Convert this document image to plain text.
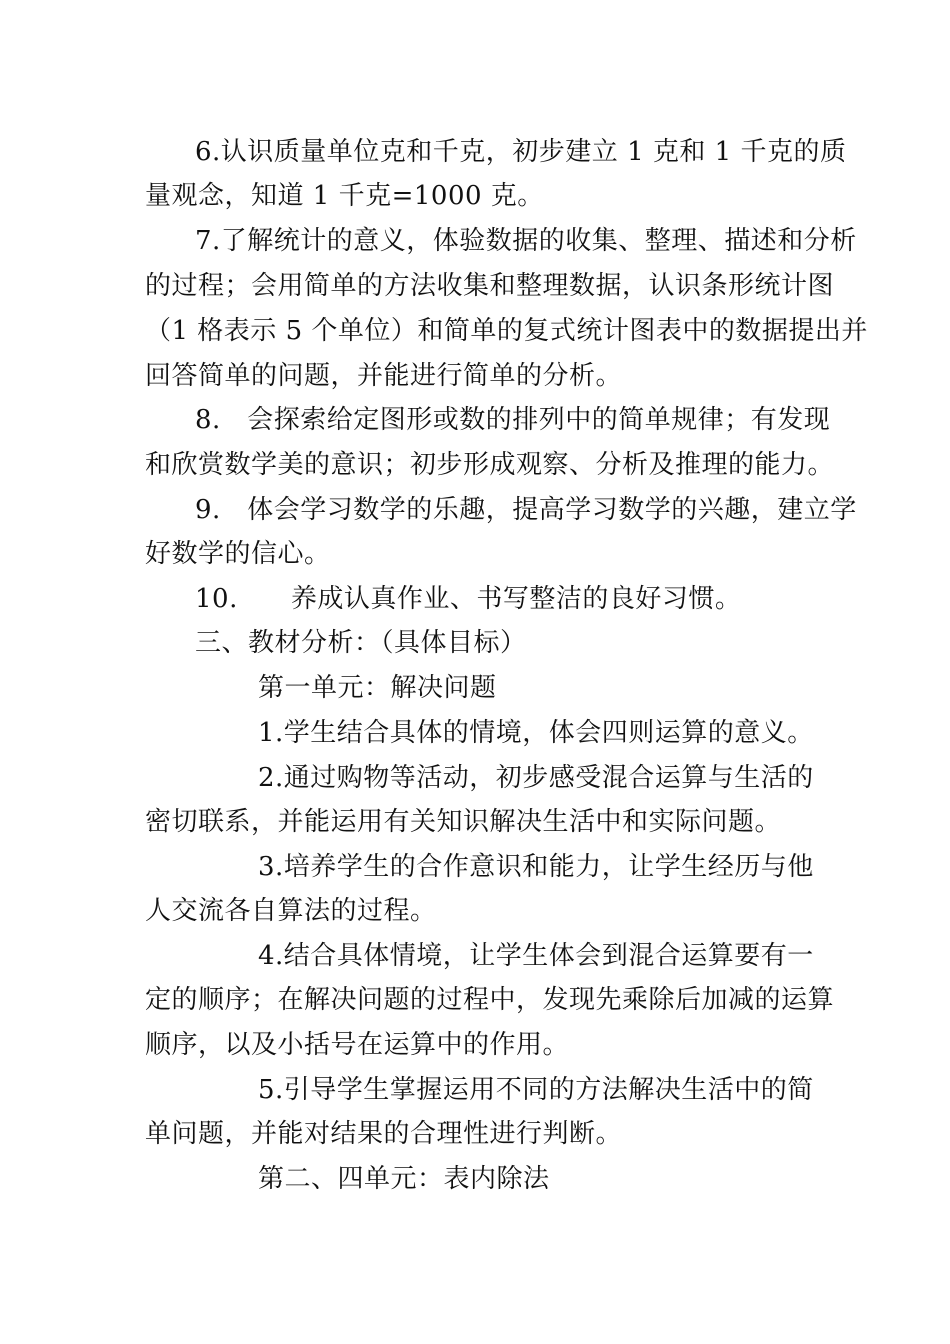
6.认识质量单位克和千克，初步建立 1 克和 1 千克的质
量观念，知道 1 千克=1000 克。
7.了解统计的意义，体验数据的收集、整理、描述和分析
的过程；会用简单的方法收集和整理数据，认识条形统计图
（1 格表示 5 个单位）和简单的复式统计图表中的数据提出并
回答简单的问题，并能进行简单的分析。
8.　会探索给定图形或数的排列中的简单规律；有发现
和欣赏数学美的意识；初步形成观察、分析及推理的能力。
9.　体会学习数学的乐趣，提高学习数学的兴趣，建立学
好数学的信心。
10.　　养成认真作业、书写整洁的良好习惯。
三、教材分析：（具体目标）
第一单元：解决问题
1.学生结合具体的情境，体会四则运算的意义。
2.通过购物等活动，初步感受混合运算与生活的
密切联系，并能运用有关知识解决生活中和实际问题。
3.培养学生的合作意识和能力，让学生经历与他
人交流各自算法的过程。
4.结合具体情境，让学生体会到混合运算要有一
定的顺序；在解决问题的过程中，发现先乘除后加减的运算
顺序，以及小括号在运算中的作用。
5.引导学生掌握运用不同的方法解决生活中的简
单问题，并能对结果的合理性进行判断。
第二、四单元：表内除法
